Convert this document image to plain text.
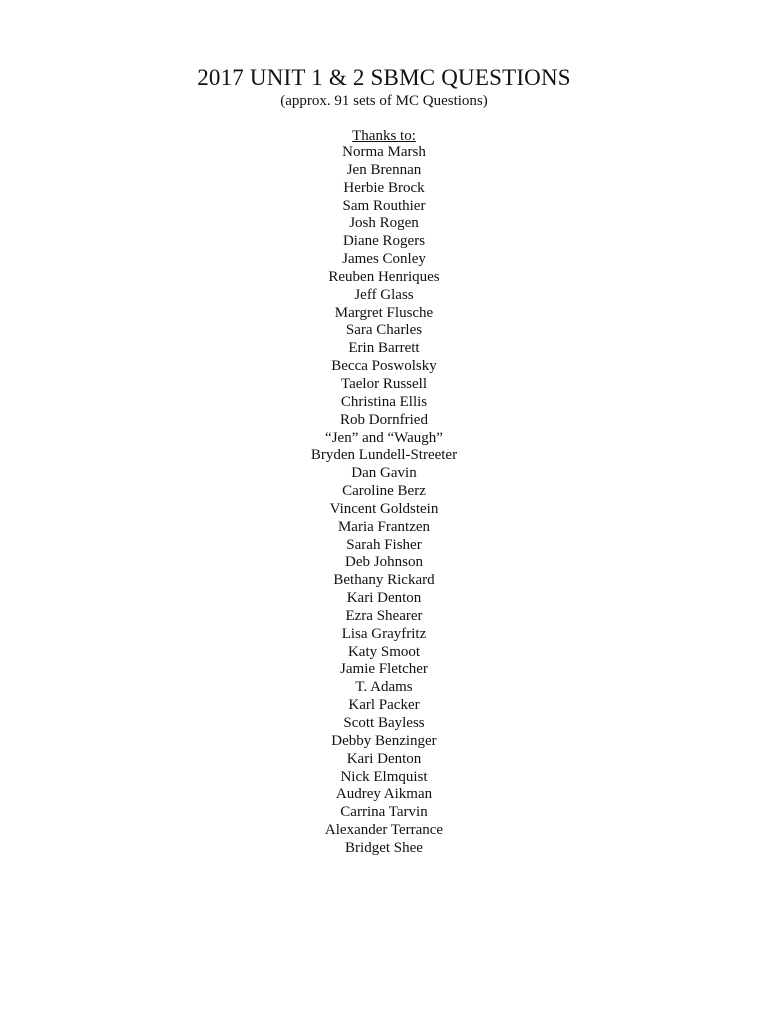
2017 UNIT 1 & 2 SBMC QUESTIONS
(approx. 91 sets of MC Questions)
Thanks to:
Norma Marsh
Jen Brennan
Herbie Brock
Sam Routhier
Josh Rogen
Diane Rogers
James Conley
Reuben Henriques
Jeff Glass
Margret Flusche
Sara Charles
Erin Barrett
Becca Poswolsky
Taelor Russell
Christina Ellis
Rob Dornfried
“Jen” and “Waugh”
Bryden Lundell-Streeter
Dan Gavin
Caroline Berz
Vincent Goldstein
Maria Frantzen
Sarah Fisher
Deb Johnson
Bethany Rickard
Kari Denton
Ezra Shearer
Lisa Grayfritz
Katy Smoot
Jamie Fletcher
T. Adams
Karl Packer
Scott Bayless
Debby Benzinger
Kari Denton
Nick Elmquist
Audrey Aikman
Carrina Tarvin
Alexander Terrance
Bridget Shee
